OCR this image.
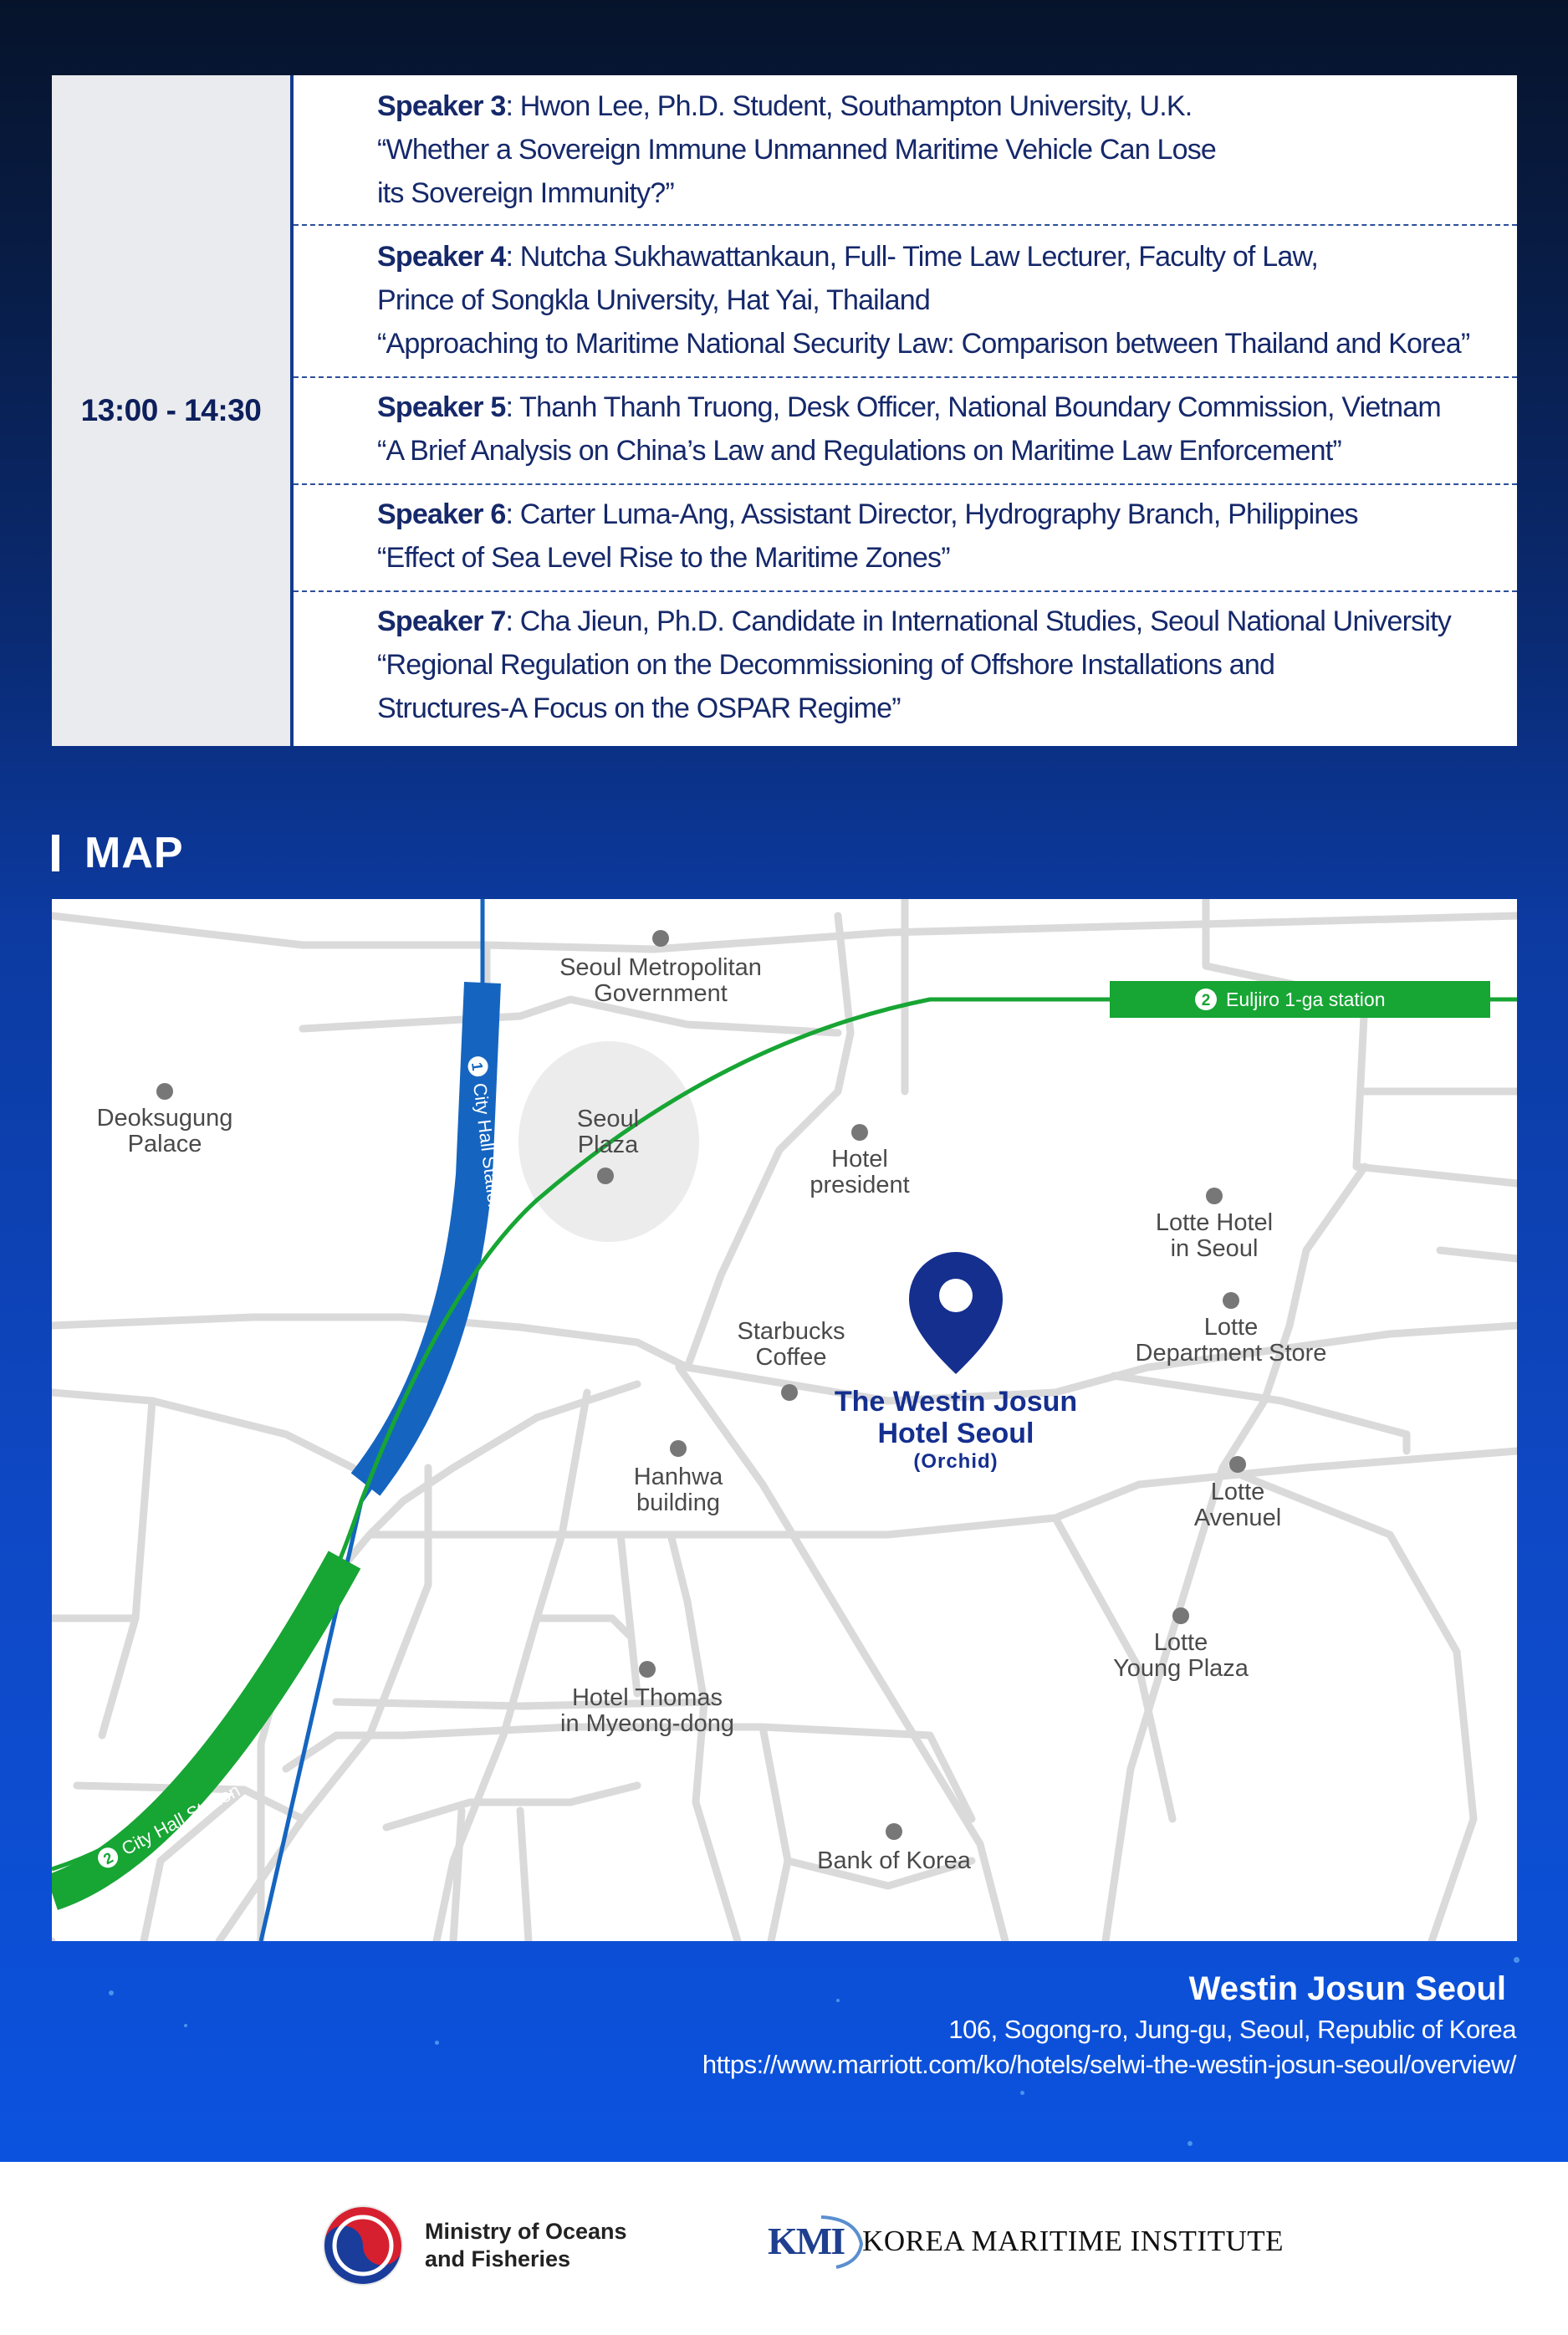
13:00 - 14:30

Speaker 3: Hwon Lee, Ph.D. Student, Southampton University, U.K.

“Whether a Sovereign Immune Unmanned Maritime Vehicle Can Lose

its Sovereign Immunity?”

Speaker 4: Nutcha Sukhawattankaun, Full- Time Law Lecturer, Faculty of Law,

Prince of Songkla University, Hat Yai, Thailand

“Approaching to Maritime National Security Law: Comparison between Thailand and Korea”

Speaker 5: Thanh Thanh Truong, Desk Officer, National Boundary Commission, Vietnam

“A Brief Analysis on China’s Law and Regulations on Maritime Law Enforcement”

Speaker 6: Carter Luma-Ang, Assistant Director, Hydrography Branch, Philippines

“Effect of Sea Level Rise to the Maritime Zones”

Speaker 7: Cha Jieun, Ph.D. Candidate in International Studies, Seoul National University

“Regional Regulation on the Decommissioning of Offshore Installations and

Structures-A Focus on the OSPAR Regime”

MAP
1
City Hall Station
2 City Hall Station
2 Euljiro 1-ga station
Seoul Metropolitan
Government
Deoksugung
Palace
Seoul
Plaza
Hotel
president
Lotte Hotel
in Seoul
Lotte
Department Store
Starbucks
Coffee
Hanhwa
building	Lotte
Avenuel
Lotte
Young Plaza
Hotel Thomas
in Myeong-dong
Bank of Korea
The Westin Josun
Hotel Seoul
(Orchid)
Westin Josun Seoul
106, Sogong-ro, Jung-gu, Seoul, Republic of Korea
https://www.marriott.com/ko/hotels/selwi-the-westin-josun-seoul/overview/
Ministry of Oceans
and Fisheries	KMI KOREA MARITIME INSTITUTE
